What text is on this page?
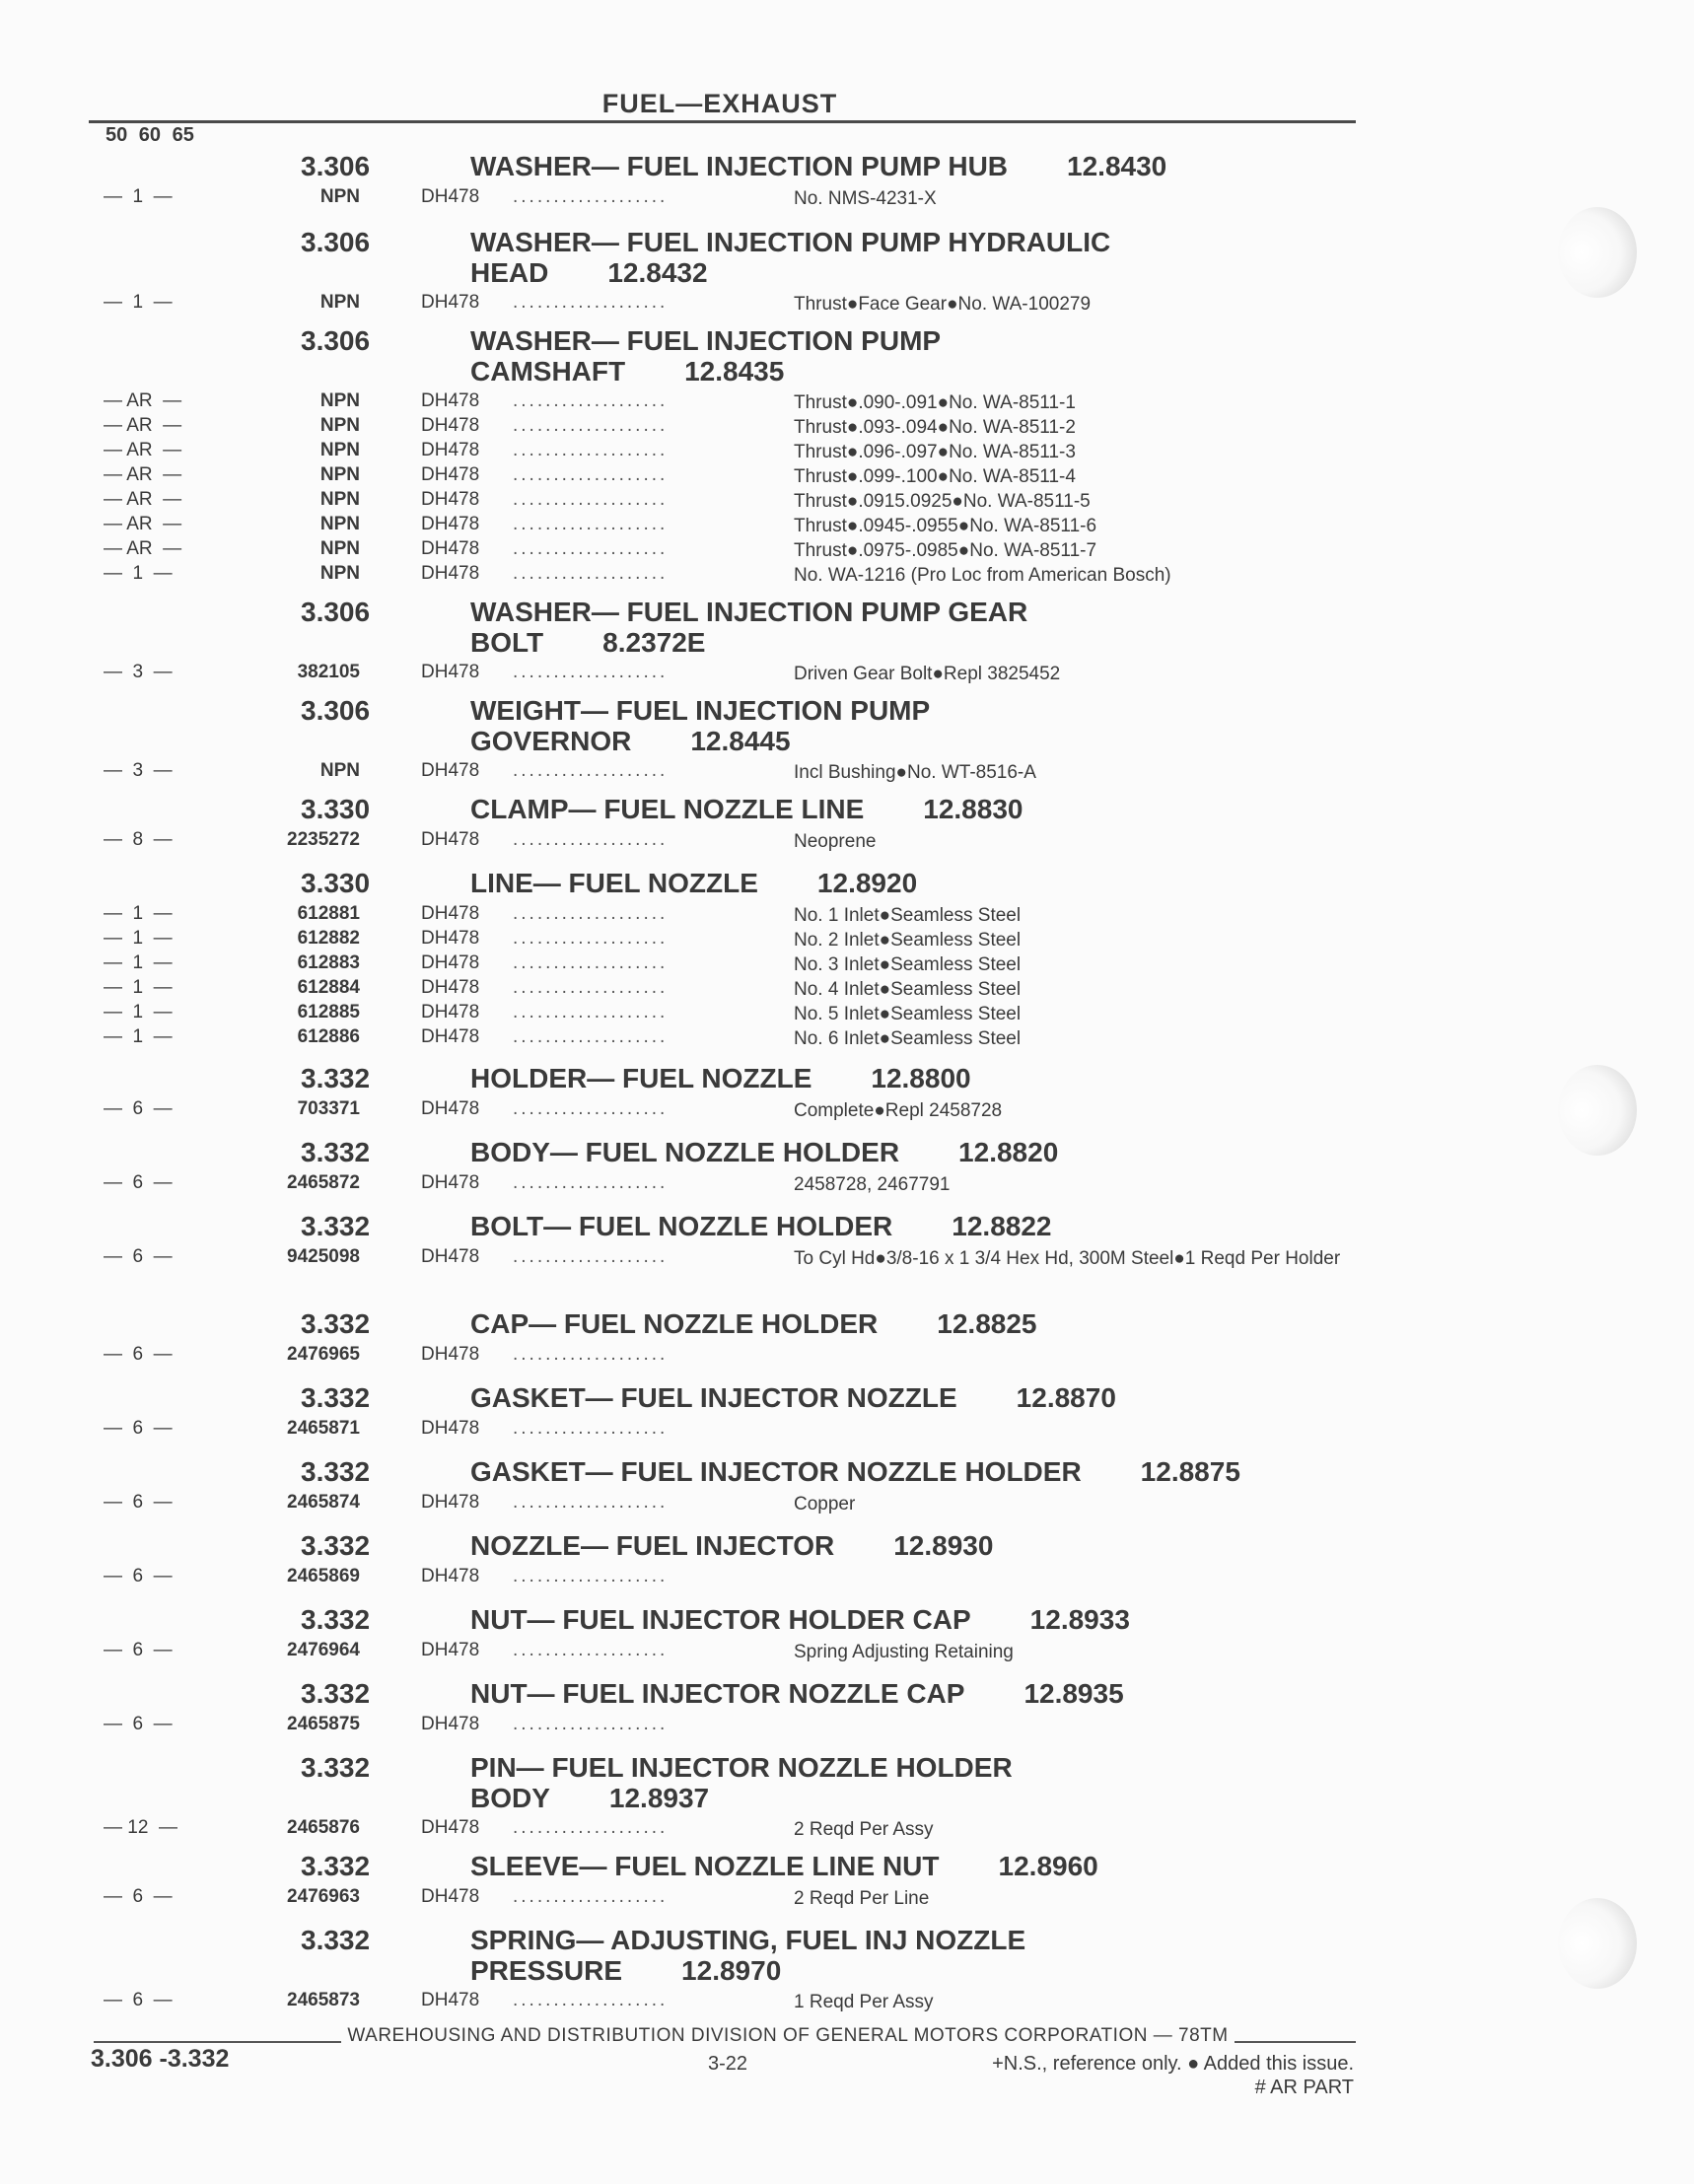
FUEL—EXHAUST
50 60 65
3.306	WASHER— FUEL INJECTION PUMP HUB 12.8430
—  1  —	NPN	DH478 ...................	No. NMS-4231-X
3.306	WASHER— FUEL INJECTION PUMP HYDRAULIC
HEAD 12.8432
—  1  —	NPN	DH478 ...................	Thrust●Face Gear●No. WA-100279
3.306	WASHER— FUEL INJECTION PUMP
CAMSHAFT 12.8435
— AR  —	NPN	DH478 ...................	Thrust●.090-.091●No. WA-8511-1
— AR  —	NPN	DH478 ...................	Thrust●.093-.094●No. WA-8511-2
— AR  —	NPN	DH478 ...................	Thrust●.096-.097●No. WA-8511-3
— AR  —	NPN	DH478 ...................	Thrust●.099-.100●No. WA-8511-4
— AR  —	NPN	DH478 ...................	Thrust●.0915.0925●No. WA-8511-5
— AR  —	NPN	DH478 ...................	Thrust●.0945-.0955●No. WA-8511-6
— AR  —	NPN	DH478 ...................	Thrust●.0975-.0985●No. WA-8511-7
—  1  —	NPN	DH478 ...................	No. WA-1216 (Pro Loc from American Bosch)
3.306	WASHER— FUEL INJECTION PUMP GEAR
BOLT 8.2372E
—  3  —	382105	DH478 ...................	Driven Gear Bolt●Repl 3825452
3.306	WEIGHT— FUEL INJECTION PUMP
GOVERNOR 12.8445
—  3  —	NPN	DH478 ...................	Incl Bushing●No. WT-8516-A
3.330	CLAMP— FUEL NOZZLE LINE 12.8830
—  8  —	2235272	DH478 ...................	Neoprene
3.330	LINE— FUEL NOZZLE 12.8920
—  1  —	612881	DH478 ...................	No. 1 Inlet●Seamless Steel
—  1  —	612882	DH478 ...................	No. 2 Inlet●Seamless Steel
—  1  —	612883	DH478 ...................	No. 3 Inlet●Seamless Steel
—  1  —	612884	DH478 ...................	No. 4 Inlet●Seamless Steel
—  1  —	612885	DH478 ...................	No. 5 Inlet●Seamless Steel
—  1  —	612886	DH478 ...................	No. 6 Inlet●Seamless Steel
3.332	HOLDER— FUEL NOZZLE 12.8800
—  6  —	703371	DH478 ...................	Complete●Repl 2458728
3.332	BODY— FUEL NOZZLE HOLDER 12.8820
—  6  —	2465872	DH478 ...................	2458728, 2467791
3.332	BOLT— FUEL NOZZLE HOLDER 12.8822
—  6  —	9425098	DH478 ...................	To Cyl Hd●3/8-16 x 1 3/4 Hex Hd, 300M Steel●1 Reqd Per Holder
3.332	CAP— FUEL NOZZLE HOLDER 12.8825
—  6  —	2476965	DH478 ...................
3.332	GASKET— FUEL INJECTOR NOZZLE 12.8870
—  6  —	2465871	DH478 ...................
3.332	GASKET— FUEL INJECTOR NOZZLE HOLDER 12.8875
—  6  —	2465874	DH478 ...................	Copper
3.332	NOZZLE— FUEL INJECTOR 12.8930
—  6  —	2465869	DH478 ...................
3.332	NUT— FUEL INJECTOR HOLDER CAP 12.8933
—  6  —	2476964	DH478 ...................	Spring Adjusting Retaining
3.332	NUT— FUEL INJECTOR NOZZLE CAP 12.8935
—  6  —	2465875	DH478 ...................
3.332	PIN— FUEL INJECTOR NOZZLE HOLDER
BODY 12.8937
— 12  —	2465876	DH478 ...................	2 Reqd Per Assy
3.332	SLEEVE— FUEL NOZZLE LINE NUT 12.8960
—  6  —	2476963	DH478 ...................	2 Reqd Per Line
3.332	SPRING— ADJUSTING, FUEL INJ NOZZLE
PRESSURE 12.8970
—  6  —	2465873	DH478 ...................	1 Reqd Per Assy
WAREHOUSING AND DISTRIBUTION DIVISION OF GENERAL MOTORS CORPORATION — 78TM
3.306 -3.332	3-22	+N.S., reference only. ● Added this issue.
# AR PART
